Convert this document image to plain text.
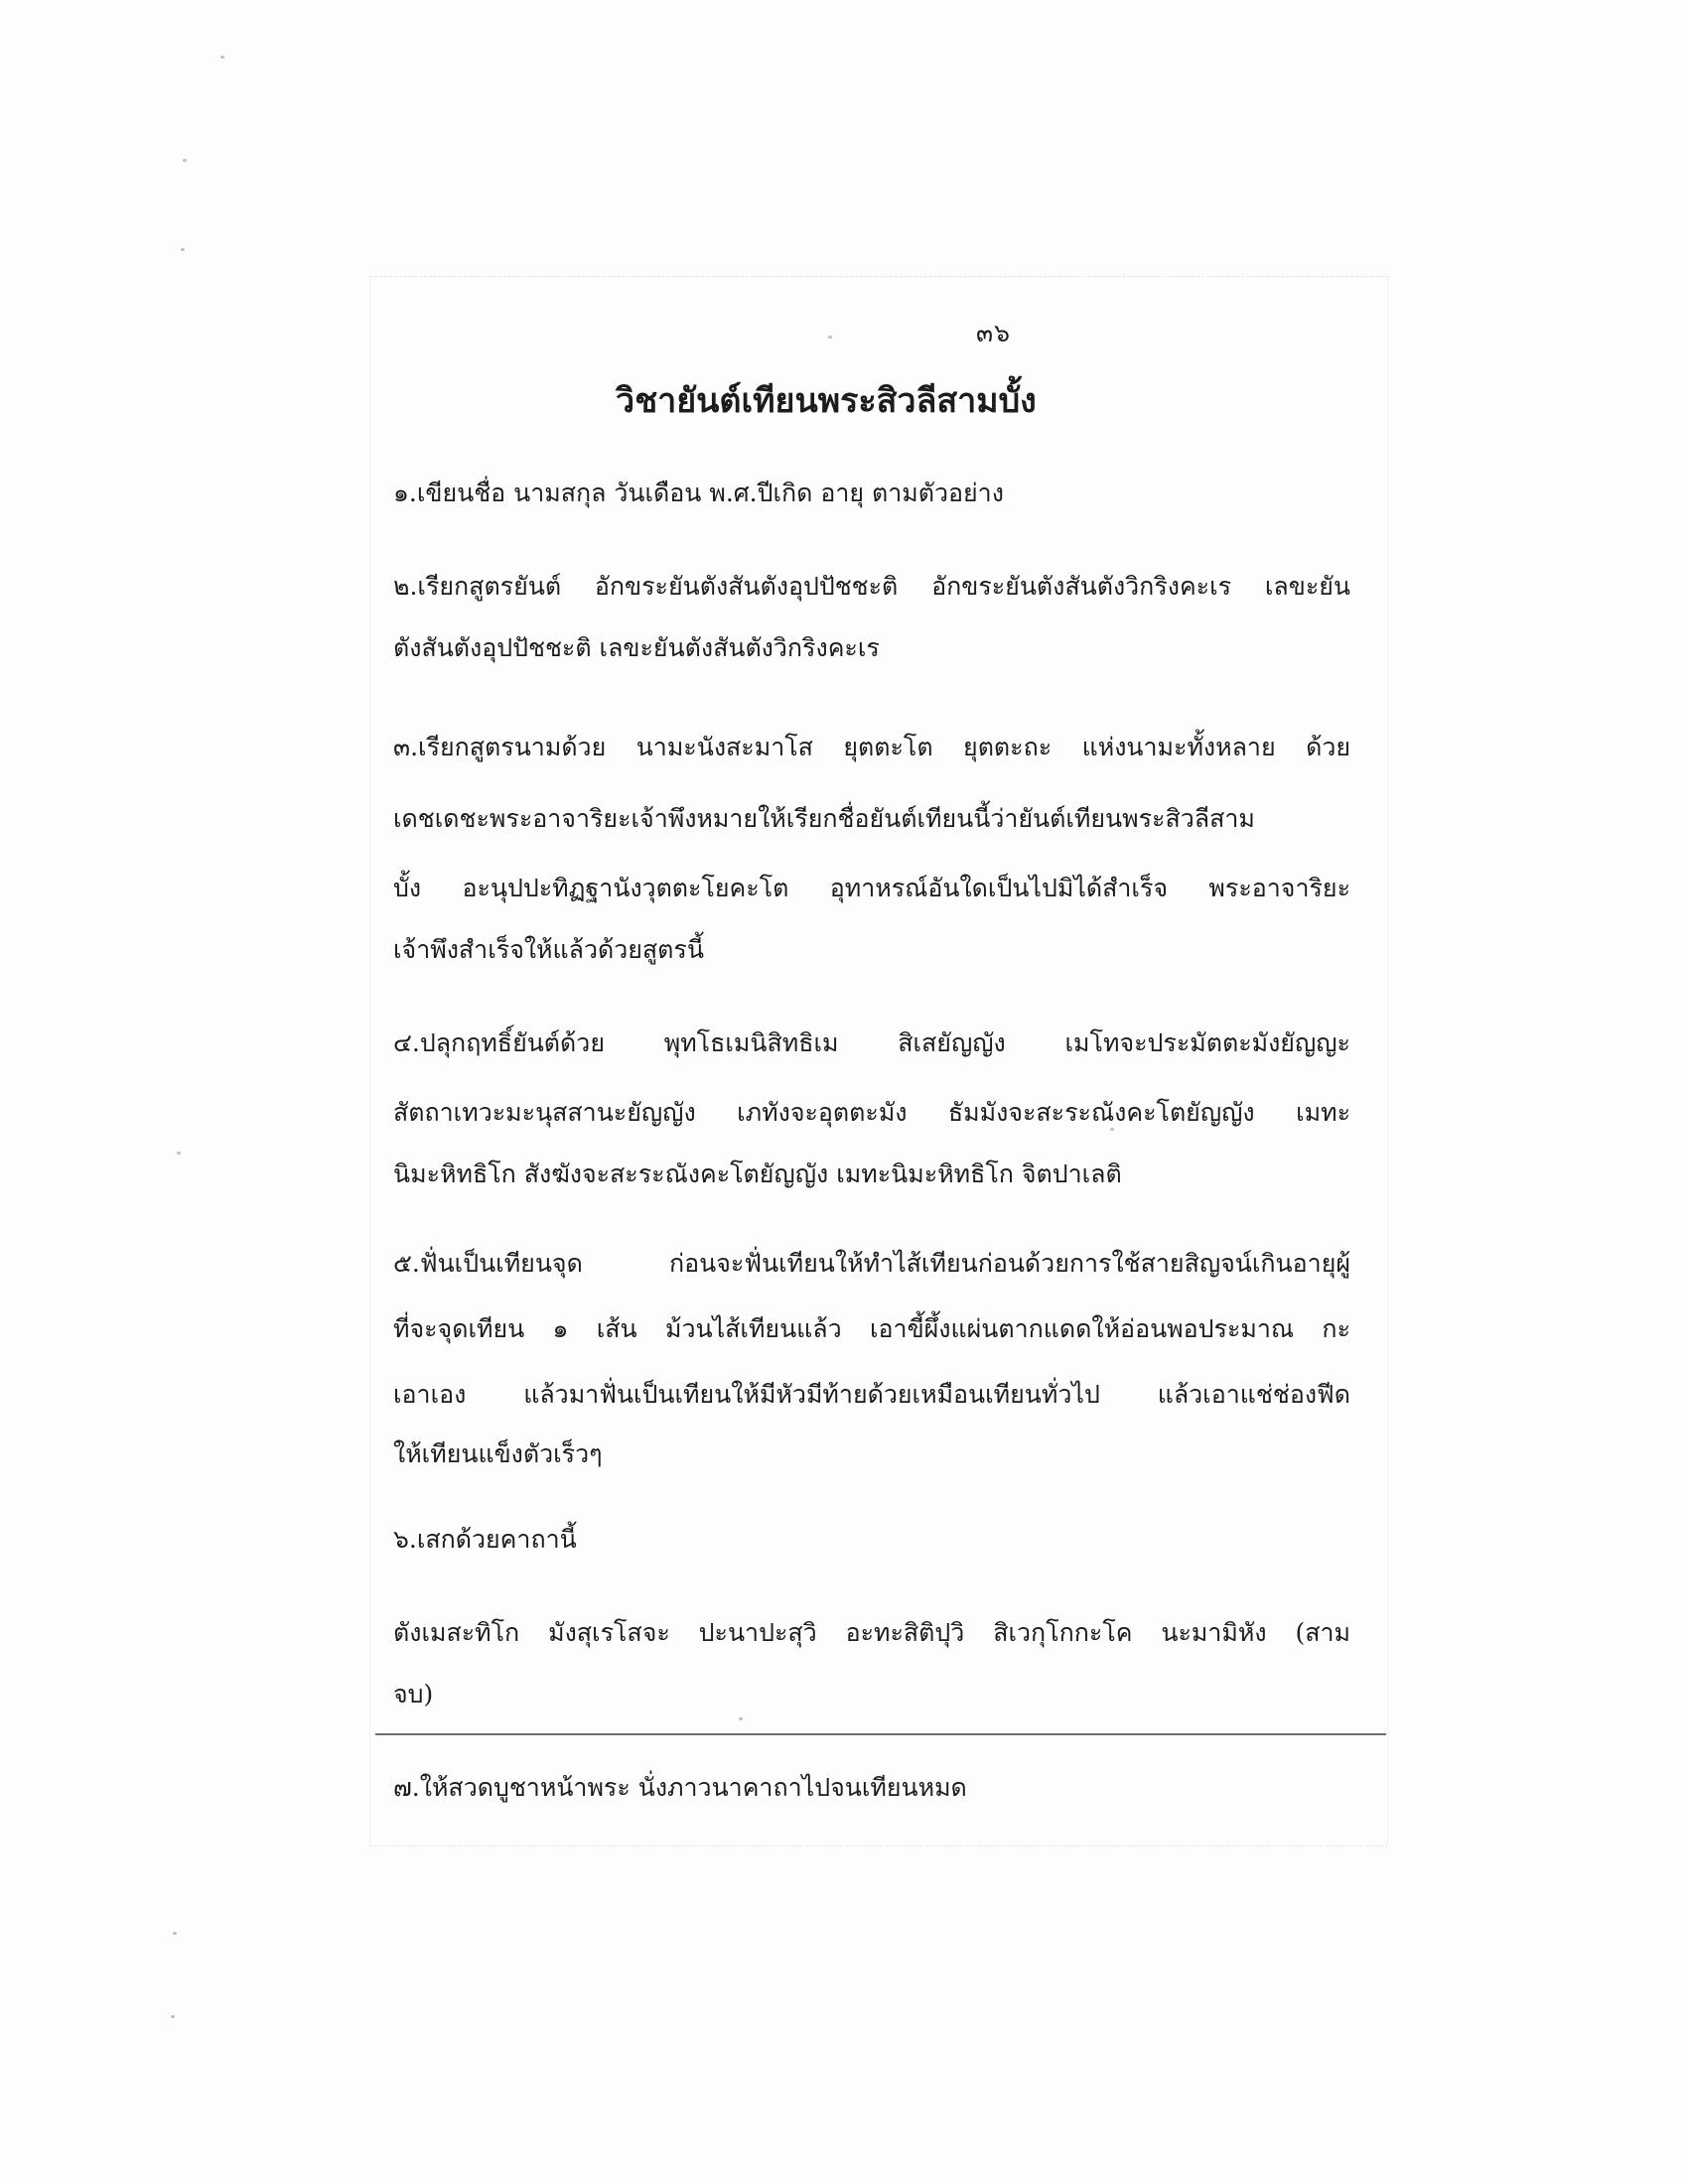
๓๖
วิชายันต์เทียนพระสิวลีสามบั้ง
๑.เขียนชื่อ นามสกุล วันเดือน พ.ศ.ปีเกิด อายุ ตามตัวอย่าง
๒.เรียกสูตรยันต์ อักขระยันตังสันตังอุปปัชชะติ อักขระยันตังสันตังวิกริงคะเร เลขะยัน
ตังสันตังอุปปัชชะติ เลขะยันตังสันตังวิกริงคะเร
๓.เรียกสูตรนามด้วย นามะนังสะมาโส ยุตตะโต ยุตตะถะ แห่งนามะทั้งหลาย ด้วย
เดชเดชะพระอาจาริยะเจ้าพึงหมายให้เรียกชื่อยันต์เทียนนี้ว่ายันต์เทียนพระสิวลีสาม
บั้ง อะนุปปะทิฏฐานังวุตตะโยคะโต อุทาหรณ์อันใดเป็นไปมิได้สำเร็จ พระอาจาริยะ
เจ้าพึงสำเร็จให้แล้วด้วยสูตรนี้
๔.ปลุกฤทธิ์ยันต์ด้วย พุทโธเมนิสิทธิเม สิเสยัญญัง เมโทจะประมัตตะมังยัญญะ
สัตถาเทวะมะนุสสานะยัญญัง เภทังจะอุตตะมัง ธัมมังจะสะระณังคะโตยัญญัง เมทะ
นิมะหิทธิโก สังฆังจะสะระณังคะโตยัญญัง เมทะนิมะหิทธิโก จิตปาเลติ
๕.ฟั่นเป็นเทียนจุด ก่อนจะฟั่นเทียนให้ทำไส้เทียนก่อนด้วยการใช้สายสิญจน์เกินอายุผู้
ที่จะจุดเทียน ๑ เส้น ม้วนไส้เทียนแล้ว เอาขี้ผึ้งแผ่นตากแดดให้อ่อนพอประมาณ กะ
เอาเอง แล้วมาฟั่นเป็นเทียนให้มีหัวมีท้ายด้วยเหมือนเทียนทั่วไป แล้วเอาแช่ช่องฟีด
ให้เทียนแข็งตัวเร็วๆ
๖.เสกด้วยคาถานี้
ตังเมสะทิโก มังสุเรโสจะ ปะนาปะสุวิ อะทะสิติปุวิ สิเวกุโกกะโค นะมามิหัง (สาม
จบ)
๗.ให้สวดบูชาหน้าพระ นั่งภาวนาคาถาไปจนเทียนหมด
